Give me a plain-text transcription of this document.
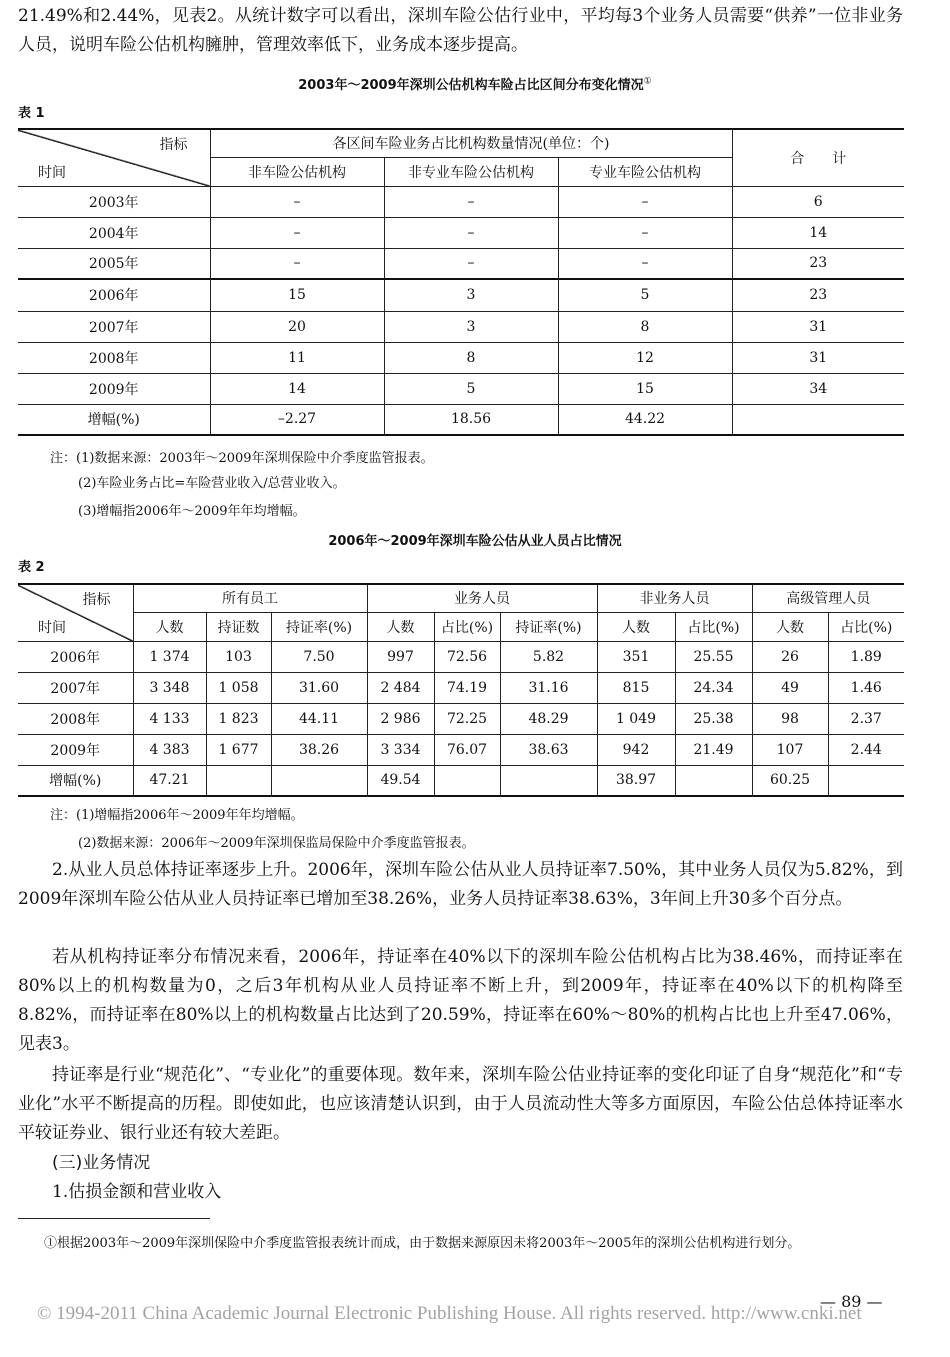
21.49%和2.44%，见表2。从统计数字可以看出，深圳车险公估行业中，平均每3个业务人员需要“供养”一位非业务人员，说明车险公估机构臃肿，管理效率低下，业务成本逐步提高。

2003年～2009年深圳公估机构车险占比区间分布变化情况①

表 1

指标
时间	各区间车险业务占比机构数量情况(单位：个)			合　　计
	非车险公估机构	非专业车险公估机构	专业车险公估机构	
2003年	–	–	–	6
2004年	–	–	–	14
2005年	–	–	–	23
2006年	15	3	5	23
2007年	20	3	8	31
2008年	11	8	12	31
2009年	14	5	15	34
增幅(%)	–2.27	18.56	44.22	

注：(1)数据来源：2003年～2009年深圳保险中介季度监管报表。

(2)车险业务占比=车险营业收入/总营业收入。

(3)增幅指2006年～2009年年均增幅。

2006年～2009年深圳车险公估从业人员占比情况

表 2

指标
时间	所有员工			业务人员			非业务人员		高级管理人员	
	人数	持证数	持证率(%)	人数	占比(%)	持证率(%)	人数	占比(%)	人数	占比(%)
2006年	1 374	103	7.50	997	72.56	5.82	351	25.55	26	1.89
2007年	3 348	1 058	31.60	2 484	74.19	31.16	815	24.34	49	1.46
2008年	4 133	1 823	44.11	2 986	72.25	48.29	1 049	25.38	98	2.37
2009年	4 383	1 677	38.26	3 334	76.07	38.63	942	21.49	107	2.44
增幅(%)	47.21			49.54			38.97		60.25	

注：(1)增幅指2006年～2009年年均增幅。

(2)数据来源：2006年～2009年深圳保监局保险中介季度监管报表。

2.从业人员总体持证率逐步上升。2006年，深圳车险公估从业人员持证率7.50%，其中业务人员仅为5.82%，到2009年深圳车险公估从业人员持证率已增加至38.26%，业务人员持证率38.63%，3年间上升30多个百分点。

若从机构持证率分布情况来看，2006年，持证率在40%以下的深圳车险公估机构占比为38.46%，而持证率在80%以上的机构数量为0，之后3年机构从业人员持证率不断上升，到2009年，持证率在40%以下的机构降至8.82%，而持证率在80%以上的机构数量占比达到了20.59%，持证率在60%～80%的机构占比也上升至47.06%，见表3。

持证率是行业“规范化”、“专业化”的重要体现。数年来，深圳车险公估业持证率的变化印证了自身“规范化”和“专业化”水平不断提高的历程。即使如此，也应该清楚认识到，由于人员流动性大等多方面原因，车险公估总体持证率水平较证券业、银行业还有较大差距。

(三)业务情况

1.估损金额和营业收入

①根据2003年～2009年深圳保险中介季度监管报表统计而成，由于数据来源原因未将2003年～2005年的深圳公估机构进行划分。

— 89 —

© 1994-2011 China Academic Journal Electronic Publishing House. All rights reserved. http://www.cnki.net
